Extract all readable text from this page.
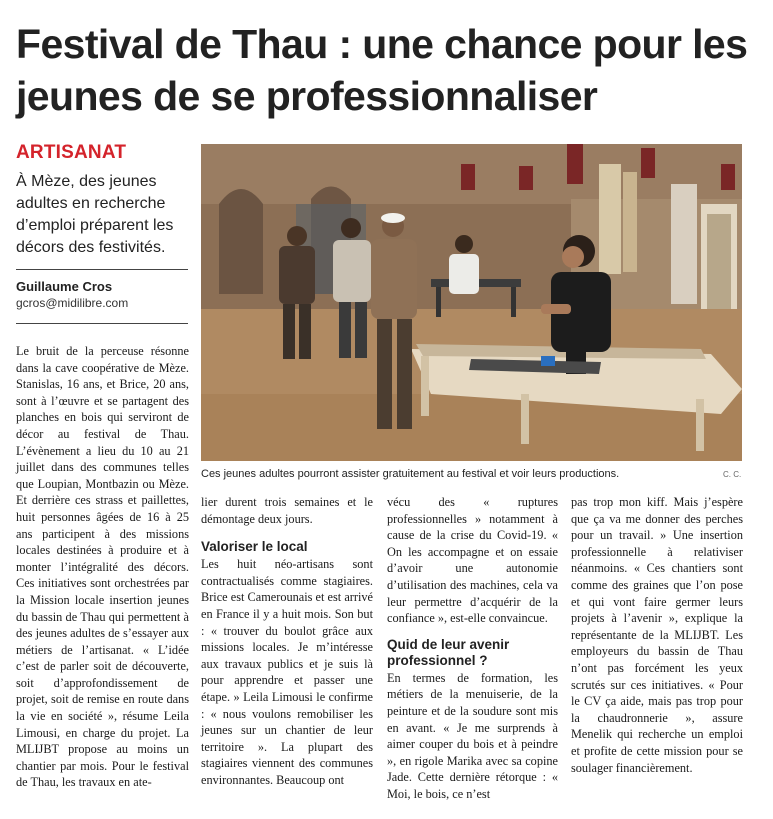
Festival de Thau : une chance pour les jeunes de se professionnaliser
ARTISANAT
À Mèze, des jeunes adultes en recherche d’emploi préparent les décors des festivités.
Guillaume Cros
gcros@midilibre.com
Ces jeunes adultes pourront assister gratuitement au festival et voir leurs productions.	C. C.

Le bruit de la perceuse résonne dans la cave coopérative de Mèze. Stanislas, 16 ans, et Brice, 20 ans, sont à l’œuvre et se partagent des planches en bois qui serviront de décor au festival de Thau. L’évènement a lieu du 10 au 21 juillet dans des communes telles que Loupian, Montbazin ou Mèze. Et derrière ces strass et paillettes, huit personnes âgées de 16 à 25 ans participent à des missions locales destinées à produire et à monter l’intégralité des décors. Ces initiatives sont orchestrées par la Mission locale insertion jeunes du bassin de Thau qui permettent à des jeunes adultes de s’essayer aux métiers de l’artisanat. « L’idée c’est de parler soit de découverte, soit d’approfondissement de projet, soit de remise en route dans la vie en société », résume Leila Limousi, en charge du projet. La MLIJBT propose au moins un chantier par mois. Pour le festival de Thau, les travaux en ate-

lier durent trois semaines et le démontage deux jours.

Valoriser le local

Les huit néo-artisans sont contractualisés comme stagiaires. Brice est Camerounais et est arrivé en France il y a huit mois. Son but : « trouver du boulot grâce aux missions locales. Je m’intéresse aux travaux publics et je suis là pour apprendre et passer une étape. » Leila Limousi le confirme : « nous voulons remobiliser les jeunes sur un chantier de leur territoire ». La plupart des stagiaires viennent des communes environnantes. Beaucoup ont

vécu des « ruptures professionnelles » notamment à cause de la crise du Covid-19. « On les accompagne et on essaie d’avoir une autonomie d’utilisation des machines, cela va leur permettre d’acquérir de la confiance », est-elle convaincue.

Quid de leur avenir professionnel ?

En termes de formation, les métiers de la menuiserie, de la peinture et de la soudure sont mis en avant. « Je me surprends à aimer couper du bois et à peindre », en rigole Marika avec sa copine Jade. Cette dernière rétorque : « Moi, le bois, ce n’est

pas trop mon kiff. Mais j’espère que ça va me donner des perches pour un travail. » Une insertion professionnelle à relativiser néanmoins. « Ces chantiers sont comme des graines que l’on pose et qui vont faire germer leurs projets à l’avenir », explique la représentante de la MLIJBT. Les employeurs du bassin de Thau n’ont pas forcément les yeux scrutés sur ces initiatives. « Pour le CV ça aide, mais pas trop pour la chaudronnerie », assure Menelik qui recherche un emploi et profite de cette mission pour se soulager financièrement.
